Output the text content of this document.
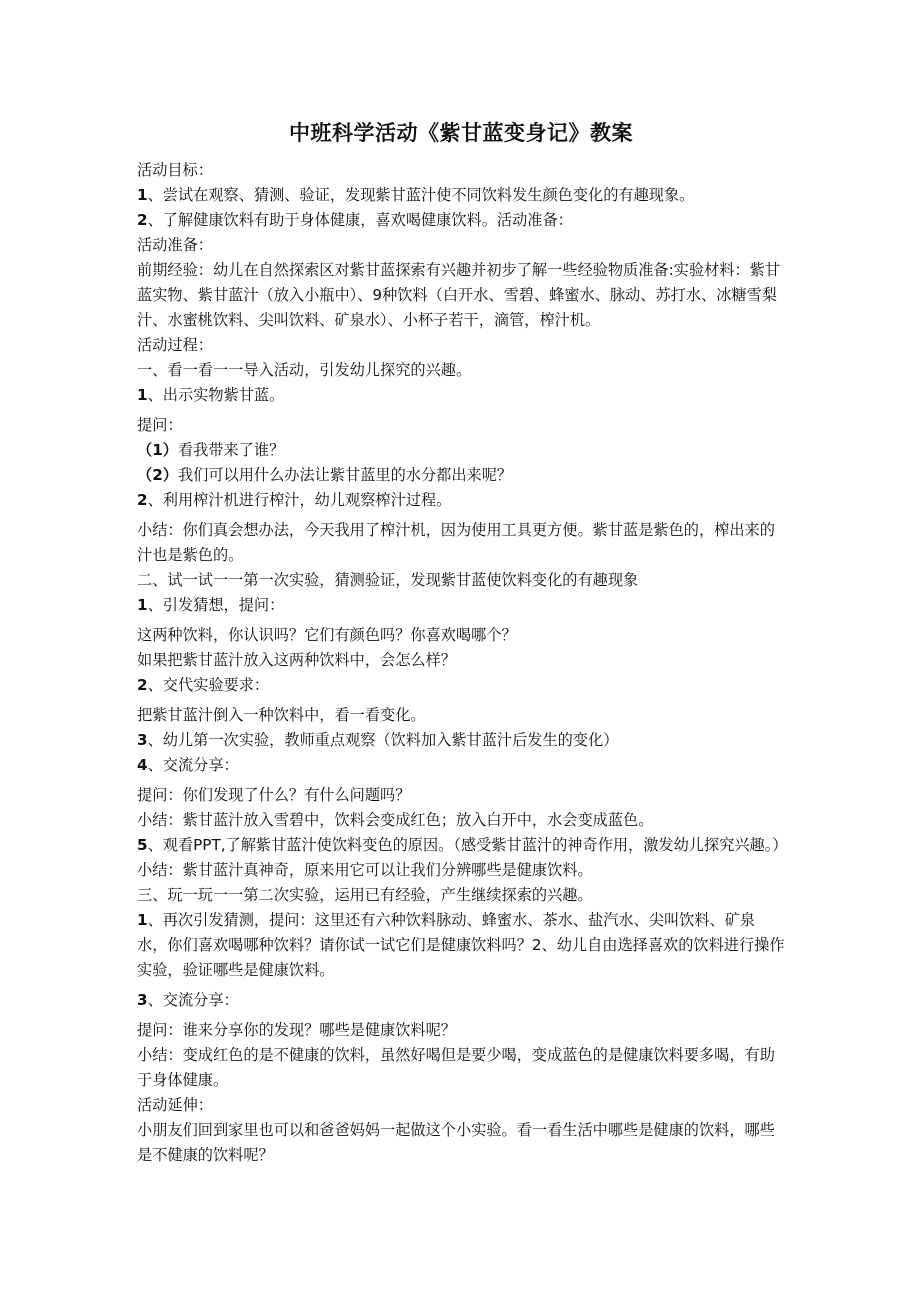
中班科学活动《紫甘蓝变身记》教案

活动目标：

1、尝试在观察、猜测、验证，发现紫甘蓝汁使不同饮料发生颜色变化的有趣现象。

2、了解健康饮料有助于身体健康，喜欢喝健康饮料。活动准备：

活动准备：

前期经验：幼儿在自然探索区对紫甘蓝探索有兴趣并初步了解一些经验物质准备:实验材料：紫甘蓝实物、紫甘蓝汁（放入小瓶中）、9种饮料（白开水、雪碧、蜂蜜水、脉动、苏打水、冰糖雪梨汁、水蜜桃饮料、尖叫饮料、矿泉水）、小杯子若干，滴管，榨汁机。

活动过程：

一、看一看一一导入活动，引发幼儿探究的兴趣。

1、出示实物紫甘蓝。

提问：

（1）看我带来了谁？

（2）我们可以用什么办法让紫甘蓝里的水分都出来呢？

2、利用榨汁机进行榨汁，幼儿观察榨汁过程。

小结：你们真会想办法，今天我用了榨汁机，因为使用工具更方便。紫甘蓝是紫色的，榨出来的汁也是紫色的。

二、试一试一一第一次实验，猜测验证，发现紫甘蓝使饮料变化的有趣现象

1、引发猜想，提问：

这两种饮料，你认识吗？它们有颜色吗？你喜欢喝哪个？

如果把紫甘蓝汁放入这两种饮料中，会怎么样？

2、交代实验要求：

把紫甘蓝汁倒入一种饮料中，看一看变化。

3、幼儿第一次实验，教师重点观察（饮料加入紫甘蓝汁后发生的变化）

4、交流分享：

提问：你们发现了什么？有什么问题吗？

小结：紫甘蓝汁放入雪碧中，饮料会变成红色；放入白开中，水会变成蓝色。

5、观看PPT,了解紫甘蓝汁使饮料变色的原因。（感受紫甘蓝汁的神奇作用，激发幼儿探究兴趣。）

小结：紫甘蓝汁真神奇，原来用它可以让我们分辨哪些是健康饮料。

三、玩一玩一一第二次实验，运用已有经验，产生继续探索的兴趣。

1、再次引发猜测，提问：这里还有六种饮料脉动、蜂蜜水、茶水、盐汽水、尖叫饮料、矿泉水，你们喜欢喝哪种饮料？请你试一试它们是健康饮料吗？2、幼儿自由选择喜欢的饮料进行操作实验，验证哪些是健康饮料。

3、交流分享：

提问：谁来分享你的发现？哪些是健康饮料呢？

小结：变成红色的是不健康的饮料，虽然好喝但是要少喝，变成蓝色的是健康饮料要多喝，有助于身体健康。

活动延伸：

小朋友们回到家里也可以和爸爸妈妈一起做这个小实验。看一看生活中哪些是健康的饮料，哪些是不健康的饮料呢？
